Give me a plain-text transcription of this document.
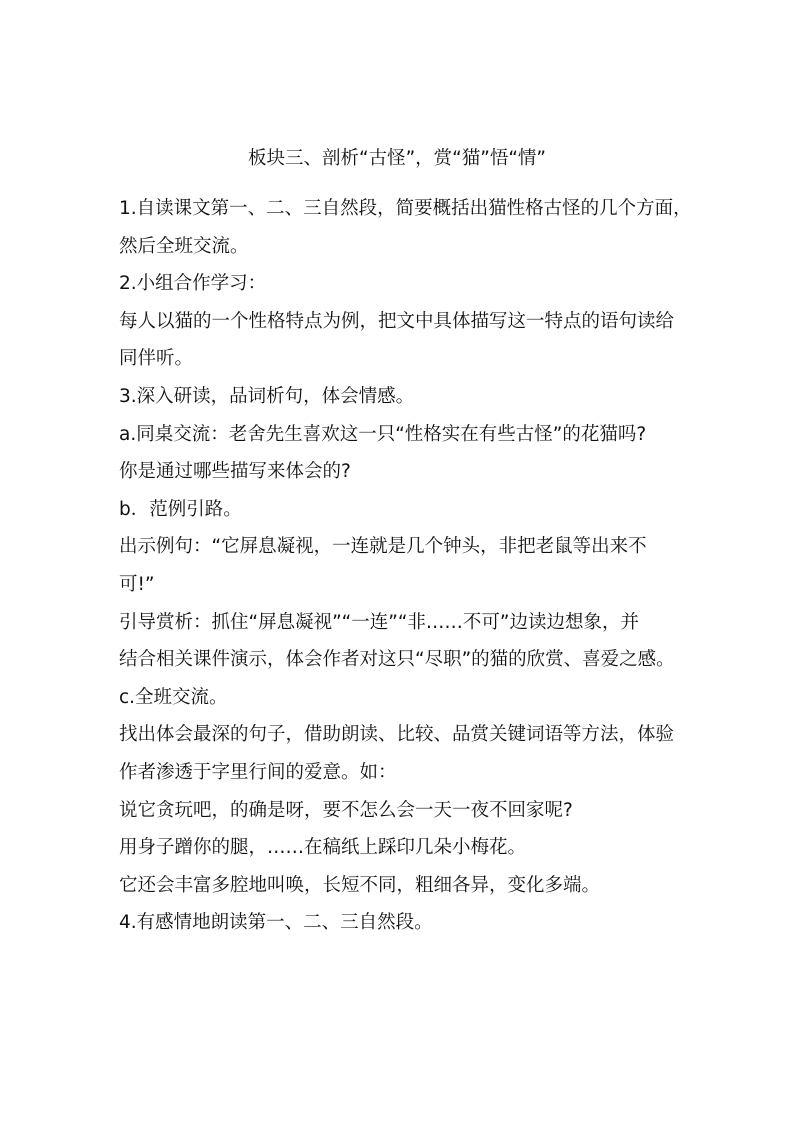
板块三、剖析“古怪”，赏“猫”悟“情”
1.自读课文第一、二、三自然段，简要概括出猫性格古怪的几个方面，
然后全班交流。
2.小组合作学习：
每人以猫的一个性格特点为例，把文中具体描写这一特点的语句读给
同伴听。
3.深入研读，品词析句，体会情感。
a.同桌交流：老舍先生喜欢这一只“性格实在有些古怪”的花猫吗?
你是通过哪些描写来体会的?
b．范例引路。
出示例句：“它屏息凝视，一连就是几个钟头，非把老鼠等出来不
可!”
引导赏析：抓住“屏息凝视”“一连”“非……不可”边读边想象，并
结合相关课件演示，体会作者对这只“尽职”的猫的欣赏、喜爱之感。
c.全班交流。
找出体会最深的句子，借助朗读、比较、品赏关键词语等方法，体验
作者渗透于字里行间的爱意。如：
说它贪玩吧，的确是呀，要不怎么会一天一夜不回家呢?
用身子蹭你的腿，……在稿纸上踩印几朵小梅花。
它还会丰富多腔地叫唤，长短不同，粗细各异，变化多端。
4.有感情地朗读第一、二、三自然段。
